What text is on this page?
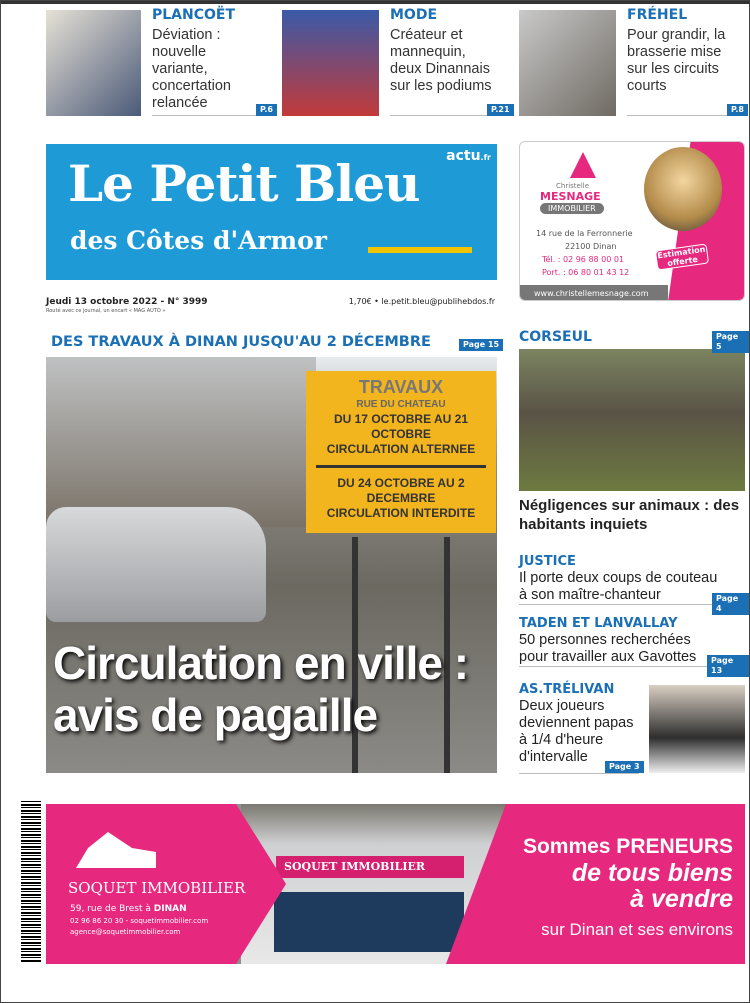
PLANCOËT
Déviation : nouvelle variante, concertation relancée	P.6
MODE
Créateur et mannequin, deux Dinannais sur les podiums
P.21
FRÉHEL
Pour grandir, la brasserie mise sur les circuits courts
P.8
actu.fr
Le Petit Bleu
des Côtes d'Armor
Jeudi 13 octobre 2022 - N° 3999
Routé avec ce journal, un encart « MAG AUTO »
1,70€ • le.petit.bleu@publihebdos.fr
Christelle
MESNAGE
IMMOBILIER
14 rue de la Ferronnerie
22100 Dinan
Tél. : 02 96 88 00 01
Port. : 06 80 01 43 12
Estimation offerte
www.christellemesnage.com
DES TRAVAUX À DINAN JUSQU'AU 2 DÉCEMBRE	Page 15
TRAVAUX
RUE DU CHATEAU
DU 17 OCTOBRE AU 21 OCTOBRE
CIRCULATION ALTERNEE
DU 24 OCTOBRE AU 2 DECEMBRE
CIRCULATION INTERDITE
Circulation en ville :
avis de pagaille
CORSEUL	Page 5
Négligences sur animaux : des habitants inquiets
JUSTICE
Il porte deux coups de couteau à son maître-chanteur	Page 4
TADEN ET LANVALLAY
50 personnes recherchées pour travailler aux Gavottes	Page 13
AS.TRÉLIVAN
Deux joueurs deviennent papas à 1/4 d'heure d'intervalle
Page 3
SOQUET IMMOBILIER
SOQUET IMMOBILIER
59, rue de Brest à DINAN
02 96 86 20 30 - soquetimmobilier.com
agence@soquetimmobilier.com
Sommes PRENEURS
de tous biens
à vendre
sur Dinan et ses environs
